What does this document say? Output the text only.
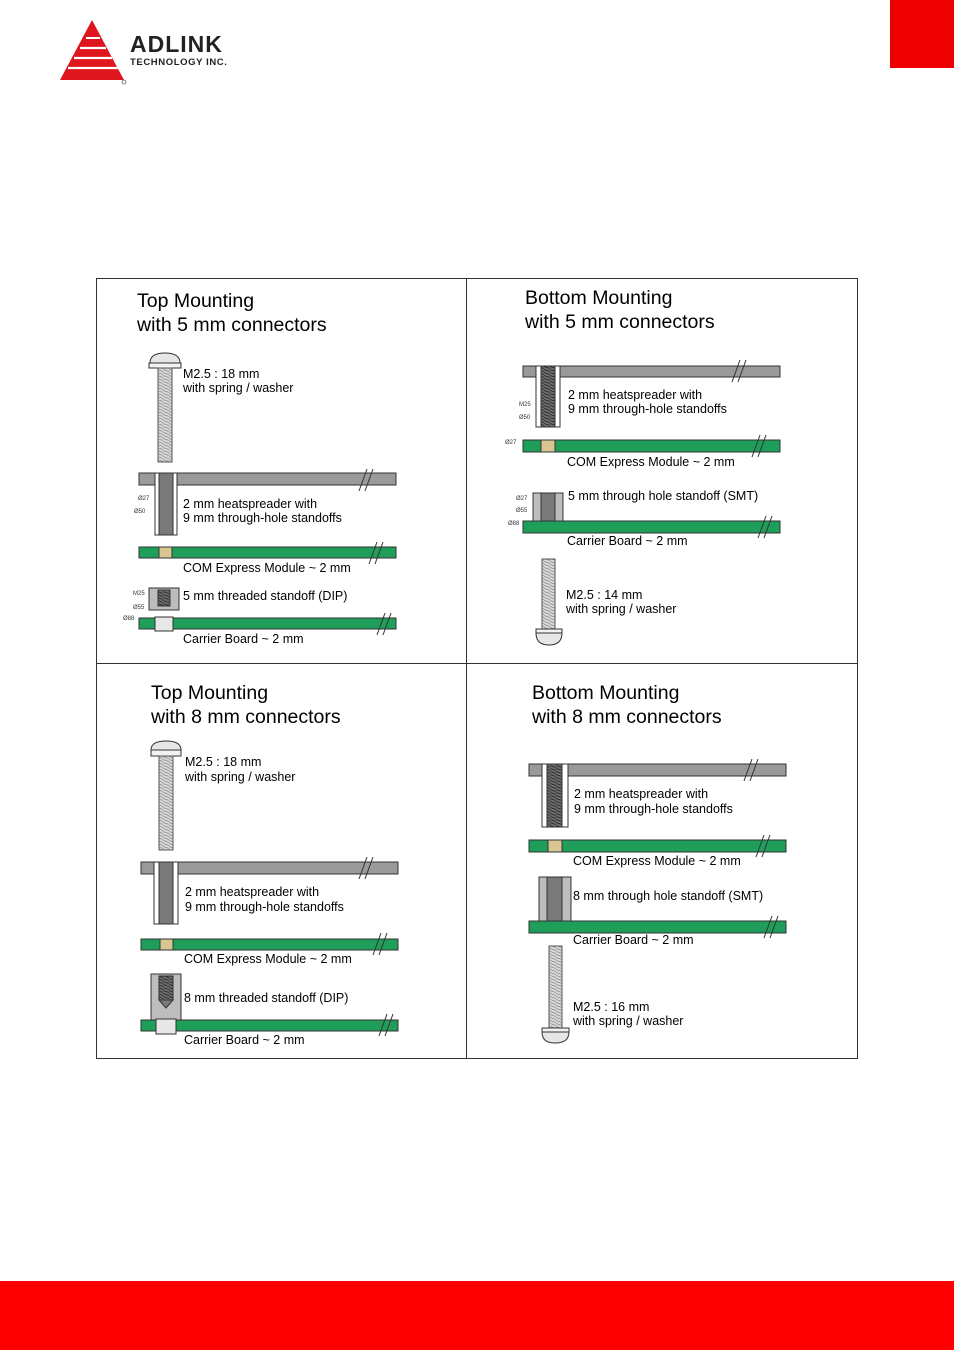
ADLINK
TECHNOLOGY INC.
Top Mounting
with 5 mm connectors
M2.5 : 18 mm
with spring / washer
2 mm heatspreader with
9 mm through-hole standoffs
COM Express Module ~ 2 mm
5 mm threaded standoff (DIP)
Carrier Board ~ 2 mm
Ø27
Ø50
M25
Ø55
Ø88
Bottom Mounting
with 5 mm connectors
2 mm heatspreader with
9 mm through-hole standoffs
COM Express Module ~ 2 mm
5 mm through hole standoff (SMT)
Carrier Board ~ 2 mm
M2.5 : 14 mm
with spring / washer
M25
Ø50
Ø27
Ø27
Ø55
Ø88
Top Mounting
with 8 mm connectors
M2.5 : 18 mm
with spring / washer
2 mm heatspreader with
9 mm through-hole standoffs
COM Express Module ~ 2 mm
8 mm threaded standoff (DIP)
Carrier Board ~ 2 mm
Bottom Mounting
with 8 mm connectors
2 mm heatspreader with
9 mm through-hole standoffs
COM Express Module ~ 2 mm
8 mm through hole standoff (SMT)
Carrier Board ~ 2 mm
M2.5 : 16 mm
with spring / washer
